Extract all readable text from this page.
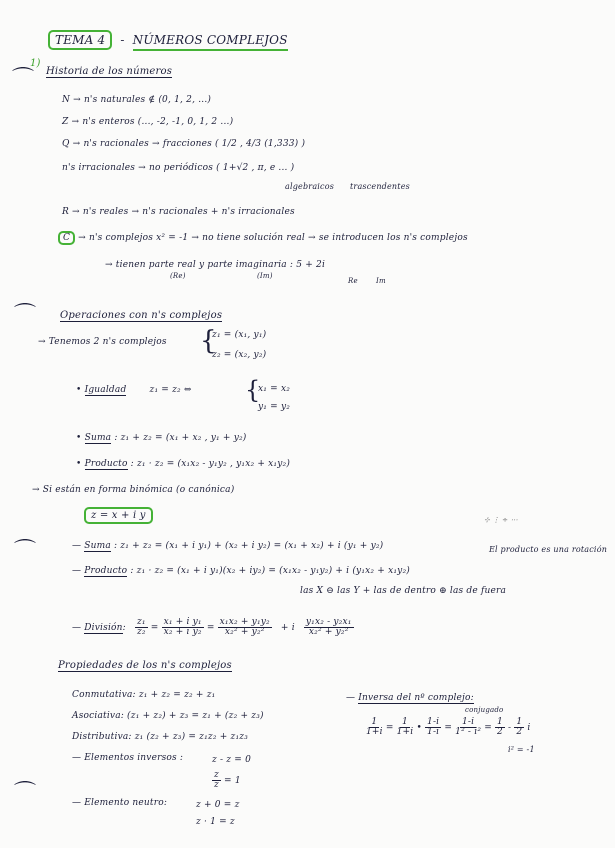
⌒
⌒
⌒
⌒
TEMA 4 - NÚMEROS COMPLEJOS
1)
Historia de los números
N → n's naturales ∉ (0, 1, 2, ...)
Z → n's enteros (..., -2, -1, 0, 1, 2 ...)
Q → n's racionales → fracciones ( 1/2 , 4/3 (1,333) )
n's irracionales → no periódicos ( 1+√2 , π, e ... )
algebraicos trascendentes
R → n's reales → n's racionales + n's irracionales
C → n's complejos x² = -1 → no tiene solución real → se introducen los n's complejos
→ tienen parte real y parte imaginaria : 5 + 2i
(Re)	(Im)
Re	Im
Operaciones con n's complejos
→ Tenemos 2 n's complejos {
z₁ = (x₁, y₁)
z₂ = (x₂, y₂)
• Igualdad	z₁ = z₂ ⇔ {
x₁ = x₂
y₁ = y₂
• Suma : z₁ + z₂ = (x₁ + x₂ , y₁ + y₂)
• Producto : z₁ · z₂ = (x₁x₂ - y₁y₂ , y₁x₂ + x₁y₂)
→ Si están en forma binómica (o canónica)
z = x + i y	⊹ ⋮ ÷ ⋯
— Suma : z₁ + z₂ = (x₁ + i y₁) + (x₂ + i y₂) = (x₁ + x₂) + i (y₁ + y₂)	El producto es una rotación
— Producto : z₁ · z₂ = (x₁ + i y₁)(x₂ + iy₂) = (x₁x₂ - y₁y₂) + i (y₁x₂ + x₁y₂)
las X ⊖ las Y + las de dentro ⊕ las de fuera
— División: $\frac{\text{z₁}}{\text{z₂}} = \frac{\text{x₁ + i y₁}}{\text{x₂ + i y₂}} = \frac{\text{x₁x₂ + y₁y₂}}{\text{x₂² + y₂²}} + i \frac{\text{y₁x₂ - y₂x₁}}{\text{x₂² + y₂²}}$
Propiedades de los n's complejos
Conmutativa: z₁ + z₂ = z₂ + z₁
Asociativa: (z₁ + z₂) + z₃ = z₁ + (z₂ + z₃)
Distributiva: z₁ (z₂ + z₃) = z₁z₂ + z₁z₃
— Elementos inversos :	z - z = 0
$\frac{z}{z} = 1$
— Elemento neutro:	z + 0 = z
z · 1 = z
— Inversa del nº complejo:
conjugado
$\frac{1}{1+i} = \frac{1}{1+i}$ • $\frac{1-i}{1-i} = \frac{1-i}{\text{1² - i²}} = \frac{1}{2} - \frac{1}{2}$ i
i² = -1
